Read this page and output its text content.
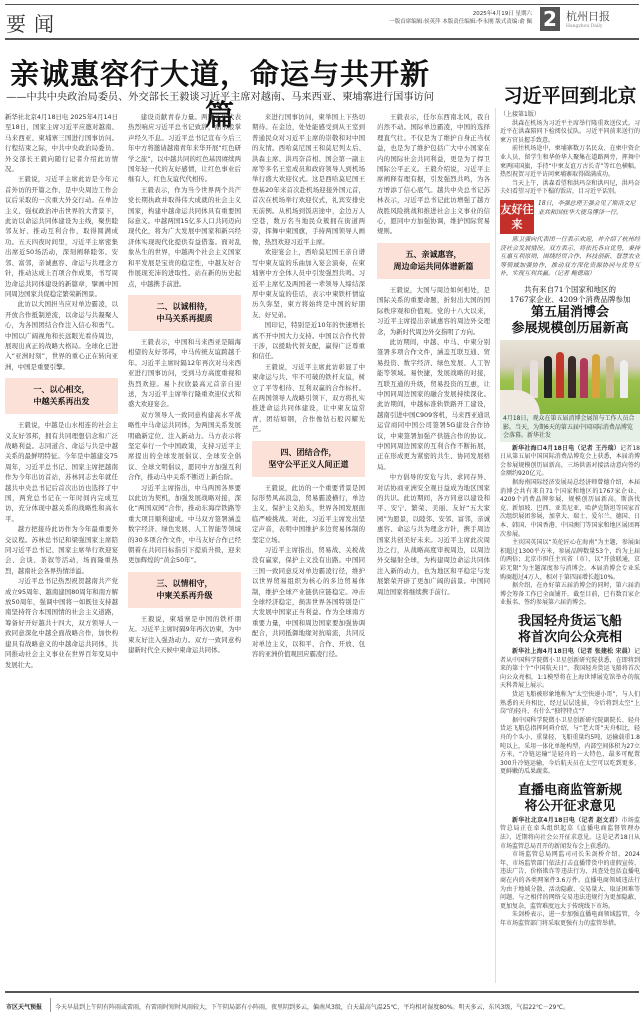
要闻	2025年4月19日 星期六
一版首席编辑:侯英萍 本版责任编辑:李永刚 版式责编:俞 佩 2 杭州日报
Hangzhou Daily
亲诚惠容行大道，命运与共开新篇
——中共中央政治局委员、外交部长王毅谈习近平主席对越南、马来西亚、柬埔寨进行国事访问

新华社北京4月18日电 2025年4月14日至18日，国家主席习近平应邀对越南、马来西亚、柬埔寨三国进行国事访问。行程结束之际，中共中央政治局委员、外交部长王毅向随行记者介绍此访情况。

王毅说，习近平主席此访是今年元首外访的开篇之作，是中央周边工作会议后采取的一次重大外交行动。在单边主义、强权政治冲击世界的大背景下，此访以命运共同体建设为主线，聚焦睦邻友好、推动互利合作，取得圆满成功。五天四夜时间里，习近平主席密集出席近50场活动，深刻阐释睦邻、安邻、富邻，亲诚惠容、命运与共理念方针，推动达成上百项合作成果，书写周边命运共同体建设的新篇章，擘画中国同周边国家共促稳定繁荣新图景。

此访以大国担当应对单边霸凌，以开放合作抵制逆流，以命运与共凝聚人心，为各国团结合作注入信心和勇气。中国以广阔视角和长远眼光看待周边，展现出真正的战略大格局。全球化已进入“亚洲时刻”，世界的重心正在转向亚洲，中国是重要引擎。

一、以心相交，
中越关系再出发

王毅说，中越是山水相连的社会主义友好邻邦，拥有共同理想信念和广泛战略利益。志同道合、命运与共是中越关系的最鲜明特征。今年是中越建交75周年，习近平总书记、国家主席把越南作为今年出访首站，苏林同志去年就任越共中央总书记后首次出访也选择了中国，两党总书记在一年时间内完成互访，充分体现中越关系的战略性和高水平。

越方把接待此访作为今年最重要外交议程。苏林总书记和梁强国家主席陪同习近平总书记、国家主席举行欢迎宴会、会谈、茶叙等活动，场面隆重热烈，越南社会各界热情洋溢。

习近平总书记热烈祝贺越南共产党成立95周年、越南建国80周年和南方解放50周年，强调中国将一如既往支持越南坚持符合本国国情的社会主义道路，筹备好开好越共十四大，双方领导人一致同意深化中越全面战略合作，加快构建具有战略意义的中越命运共同体，共同推动社会主义事业在世界百年变局中发展壮大。

建设贡献青春力量。两国各界代表热烈响应习近平总书记致辞，潮水般掌声经久不息。习近平总书记宣布今后三年中方将邀请越南青年来华开展“红色研学之旅”，以中越共同的红色基因赓续两国年轻一代的友好感情，让红色事业后继有人，红色友谊代代相传。

王毅表示，作为当今世界两个共产党长期执政并取得伟大成就的社会主义国家，构建中越命运共同体具有重要国际意义。中越两国15亿多人口共同迈向现代化，将为广大发展中国家和新兴经济体实现现代化提供有益借鉴。面对乱象丛生的世界，中越两个社会主义国家和平发展是宝贵的稳定性，中越友好合作展现充沛的进取性。站在新的历史起点，中越携手前进。

二、以诚相待，
中马关系再提质

王毅表示，中国和马来西亚是隔海相望的友好邻邦，中马传统友谊跨越千年。习近平主席时隔12年再次对马来西亚进行国事访问，受到马方高度重视和热烈欢迎。易卜拉欣最高元首亲自迎送，为习近平主席举行隆重欢迎仪式和盛大欢迎宴会。

双方领导人一致同意构建高水平战略性中马命运共同体，为两国关系发展明确新定位、注入新动力。马方表示将坚定奉行一个中国政策，支持习近平主席提出的全球发展倡议、全球安全倡议、全球文明倡议，愿同中方加强互利合作，推动马中关系不断迈上新台阶。

习近平主席指出，中马两国各界要以此访为契机，加强发展战略对接，深化“两国双园”合作，推动东海岸铁路等重大项目顺利建成。中马双方签署涵盖数字经济、绿色发展、人工智能等领域的30多项合作文件，中马友好合作已经朝着在共同目标指引下提质升级，迎来更加辉煌的“黄金50年”。

三、以情相守，
中柬关系再升级

王毅说，柬埔寨是中国的铁杆朋友。习近平主席时隔9年再次访柬，为中柬友好注入强劲动力。双方一致同意构建新时代全天候中柬命运共同体。

来进行国事访问，柬举国上下热切期待。在金边，处处能感受到从王室到普通民众对习近平主席的崇敬和对中国的友情。西哈莫尼国王和莫尼列太后、洪森主席、洪玛奈首相、国会第一副主席等多名王室成员和政府领导人到机场举行盛大欢迎仪式。这是西哈莫尼国王登基20年来首次赴机场迎接外国元首，首次在机场举行欢迎仪式，礼宾安排史无前例。从机场到饭店途中，金边万人空巷，数万名当地民众簇拥在街道两旁，挥舞中柬国旗，手持两国领导人画像，热烈欢迎习近平主席。

欢迎宴会上，西哈莫尼国王亲自谱写中柬友谊的乐曲加入宴会演奏，在柬埔寨中方全体人员中引发强烈共鸣。习近平主席忆及两国老一辈领导人缔结深厚中柬友谊的佳话，表示中柬铁杆情谊历久弥坚，柬方将始终是中国的好朋友、好兄弟。

国印记，特别是近10年的快速增长离不开中国大力支持。中国以合作代替干涉，以援助代替支配，赢得广泛尊重和信任。

王毅说，习近平主席此访彰显了中柬命运与共、牢不可破的铁杆友谊，树立了平等相待、互利双赢的合作标杆。在两国领导人战略引领下，双方将扎实推进命运共同体建设，让中柬友谊常青，团结如钢，合作像钻石般闪耀光芒。

四、团结合作，
坚守公平正义人间正道

王毅说，此访的一个重要背景是国际形势风高浪急，贸易霸凌横行，单边主义、保护主义抬头，世界各国发展面临严峻挑战。对此，习近平主席发出坚定声音，表明中国维护多边贸易体制的坚定立场。

习近平主席指出，贸易战、关税战没有赢家，保护主义没有出路。中国同三国一致同意反对单边霸凌行径，维护以世界贸易组织为核心的多边贸易体制，维护全球产业链供应链稳定。冲击全球经济稳定，损害世界各国特别是广大发展中国家正当利益。作为全球南方重要力量，中国和周边国家要加强协调配合，共同抵御地缘对抗暗流，共同反对单边主义，以和平、合作、开放、包容的亚洲价值观回应霸凌行径。

王毅表示，任尔东西南北风，我自岿然不动。国际单边霸凌，中国的选择理直气壮。不仅是为了维护自身正当权益，也是为了维护包括广大中小国家在内的国际社会共同利益，更是为了捍卫国际公平正义。王毅介绍说，习近平主席阐释有理有据，引发强烈共鸣，为各方增添了信心底气。越共中央总书记苏林表示，习近平总书记此访增强了越方战胜风险挑战和推进社会主义事业的信心，愿同中方加强协调，维护国际贸易规则。

五、亲诚惠容，
周边命运共同体谱新篇

王毅说，大国与周边如何相处，是国际关系的重要命题，折射出大国的国际秩序观和价值观。党的十八大以来，习近平主席提出亲诚惠容的周边外交理念，为新时代周边外交指明了方向。

此访期间，中越、中马、中柬分别签署多项合作文件，涵盖互联互通、贸易投资、数字经济、绿色发展、人工智能等领域。易快捷，发展战略的对接，互联互通的升级，贸易投资的互惠，让中国同周边国家的融合发展持续深化。此访期间，中越标准轨铁路开工建设，越南引进中国C909客机，马来西亚通讯运营商同中国公司签署5G建设合作协议，中柬签署加强产供链合作的协议。中国同周边国家的互利合作不断拓展，正在形成更为紧密的共生、协同发展格局。

中方倡导的安危与共、求同存异、对话协商亚洲安全观日益成为地区国家的共识。此访期间，各方同意以建设和平、安宁、繁荣、美丽、友好“五大家园”为愿景，以睦邻、安邻、富邻，亲诚惠容、命运与共为理念方针，携手周边国家共创美好未来。习近平主席此次周边之行，从战略高度审视周边，以周边外交辐射全球，为构建周边命运共同体注入新的动力，也为地区和平稳定与发展繁荣开辟了更加广阔的前景。中国同周边国家将继续携手前行。

习近平回到北京

（上接第1版）

洪森在机场为习近平主席举行隆重欢送仪式。习近平在洪森陪同下检阅仪仗队。习近平同前来送行的柬方官员握手致意。

前往机场途中，柬埔寨数万名民众、在柬中资企业人员、留学生和华侨华人聚集在道路两旁，挥舞中柬两国国旗，手持“中柬友谊万古长青”等红色横幅，热烈祝贺习近平访问柬埔寨取得圆满成功。

当天上午，洪森看望和洪玛奈和洪玛尼，洪玛奈夫妇看望习近平下榻的饭店，目习近平话别。

友好往来
18日，李强总理王强会见了斯洛文尼亚共和国驻华大使乌博泽一行。

陈卫强向代表团一行表示欢迎，并介绍了杭州经济社会发展情况。双方表示，将依托各自优势，秉持互惠互利原则，围绕经贸合作、科技创新、智慧农业等领域加强协作，推动双方深化资源协同与优势互补，实现互利共赢。（记者 鲍偲瑞）

共有来自71个国家和地区的
1767家企业、4209个消费品牌参加
第五届消博会
参展规模创历届新高
4月18日，观众在第五届消博会展馆与工作人员合影。当天，为期6天的第五届中国国际消费品博览会落幕。新华社发

新华社海口4月18日电（记者 王丹瑞）记者18日从第五届中国国际消费品博览会上获悉，本届消博会参展规模创历届新高，三场供需对接活动意向签约金额约920亿元。

据海南国际经济发展局总经济师曾德介绍，本届消博会共有来自71个国家和地区的1767家企业、4209个消费品牌参展，规模创历届新高。斯洛伐克、新加坡、巴西、亚美尼亚、哈萨克斯坦等国家首次组织展团参展，加拿大、瑞士、爱尔兰、德国、日本、韩国、中国香港、中国澳门等国家和地区展团再次参展。

主宾国英国以“英伦匠心在海南”为主题，参展面积超过1300平方米，参展品牌数量53个，约为上届的两倍；北京市担任主宾省（市），以“开放联通，京彩无限”为主题深度参与消博会。本届消博会专业采购商超过4万人，相对于第四届增长超10%。

据介绍，在办好第五届消博会的同时，第六届消博会筹备工作已全面铺开，截至目前，已有数百家企业报名、签约参展第六届消博会。

我国轻舟货运飞船
将首次向公众亮相

新华社上海4月18日电（记者 张建松 宋晨）记者从中国科学院微小卫星创新研究院获悉，在即将到来的第十个“中国航天日”，我国轻舟货运飞船将首次向公众亮相，1:1模型将在上海世博展览馆举办的航天科普展上展示。

货运飞船被形象地称为“太空快递小哥”，与人们熟悉的天舟相比，经过层层选拔，今后将到太空“上岗”的轻舟，有什么“独特特点”？

据中国科学院微小卫星创新研究院副院长、轻舟货运飞船总指挥阿舜介绍，与“老大哥”天舟相比，轻舟的个头小、重量轻，飞船重量约5吨，运输载重1.8吨以上，采用一体化单舱构型，内部空间体积为27立方米，“冷链运输”是轻舟的一大特色，最多可配置300升冷链运输，今后航天员在太空可以吃到更多、更鲜嫩的瓜果蔬菜。

直播电商监管新规
将公开征求意见

新华社北京4月18日电（记者 赵文君）市场监管总局正在牵头组织起草《直播电商监督管理办法》，近期将向社会公开征求意见。这是记者18日从市场监管总局召开的新闻发布会上获悉的。

市场监管总局网监司司长朱剑桥介绍，2024年，市场监管部门依法打击直播带货中的虚假宣传、违法广告、价格欺诈等违法行为，共查处包括直播电商在内的各类网案件3.6万件。直播电商领域违法行为由于地域分散、活动隐蔽、交易量大、取证困难等问题，与之相伴的网络交易违法违规行为更加隐蔽、更加复杂，监管难度远大于传统线下市场。

朱剑桥表示，进一步加强直播电商领域监管，今年市场监管部门将采取更强有力的监管举措。

市区天气预报 今天早晨到上午阴有阵雨或雷雨，有雷雨时短时风雨较大，下午阴局部有小阵雨，夜里阴到多云，偏南风3级，白天最高气温25℃，平均相对湿度80%。明天多云，东风3级，气温22℃－29℃。
